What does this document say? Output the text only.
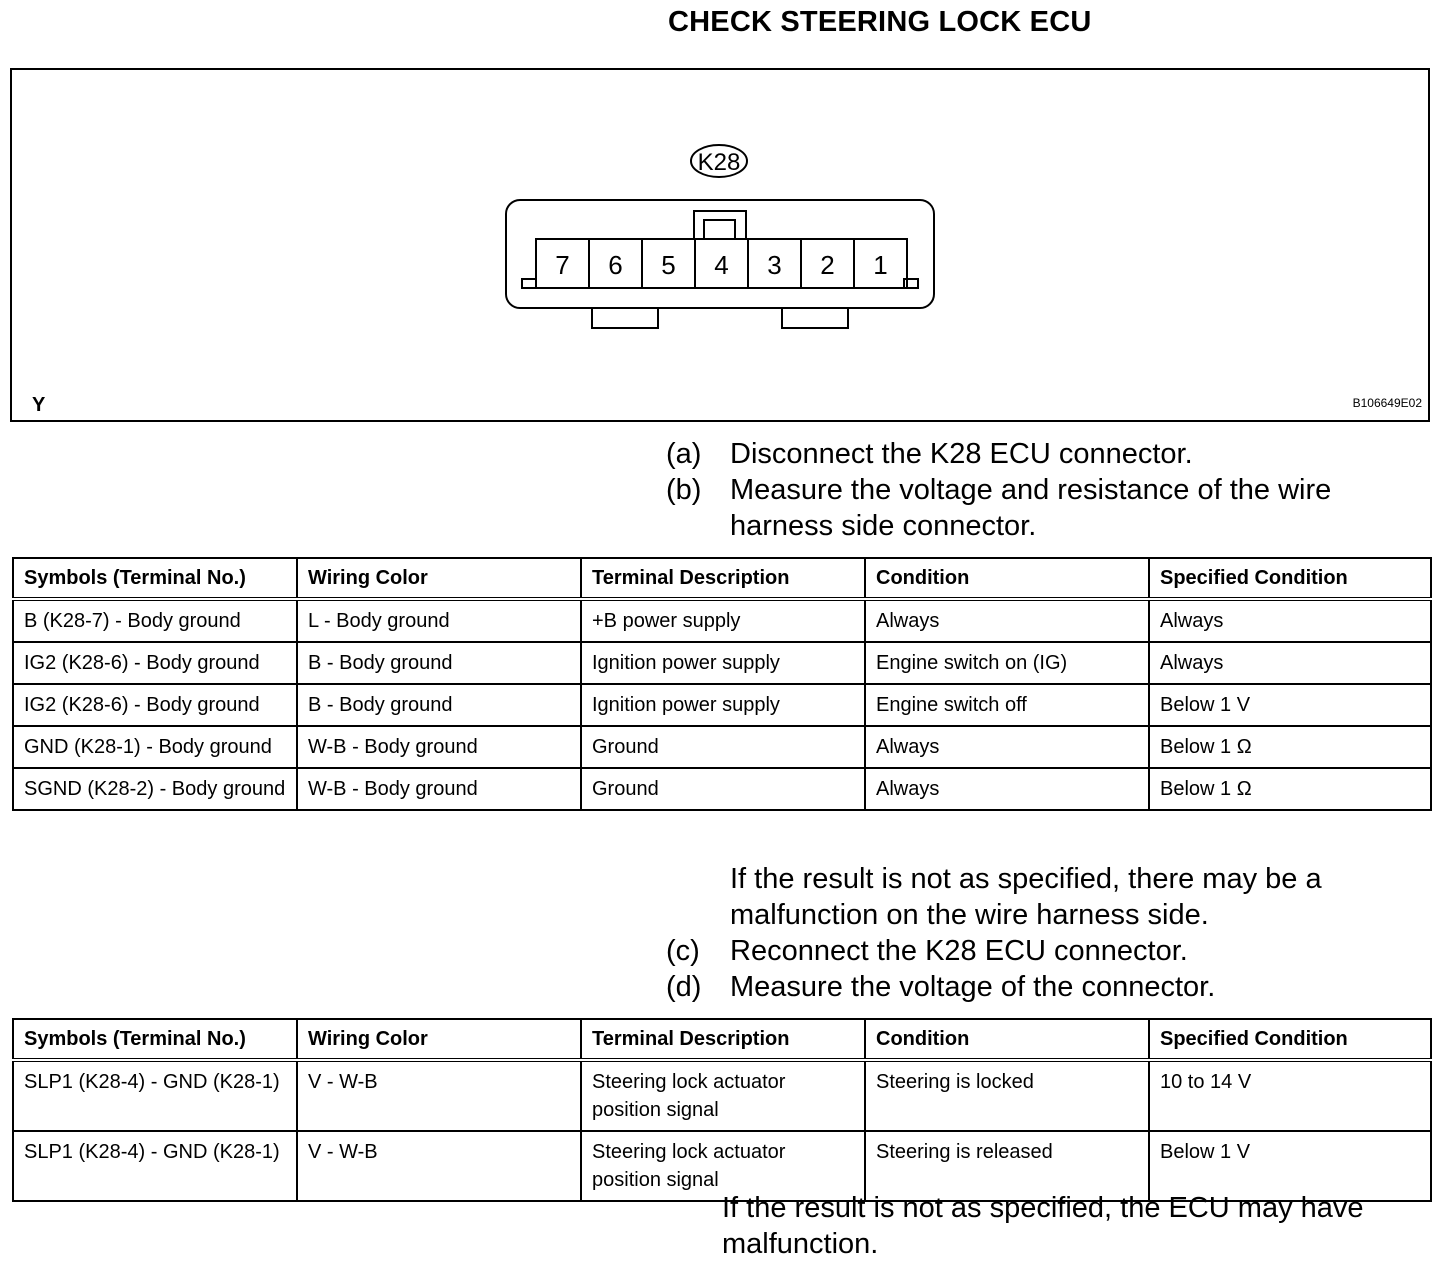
CHECK STEERING LOCK ECU
K28
7 6 5 4 3 2 1
Y	B106649E02
(a) Disconnect the K28 ECU connector.
(b) Measure the voltage and resistance of the wire harness side connector.
Symbols (Terminal No.)	Wiring Color	Terminal Description	Condition	Specified Condition
B (K28-7) - Body ground	L - Body ground	+B power supply	Always	Always
IG2 (K28-6) - Body ground	B - Body ground	Ignition power supply	Engine switch on (IG)	Always
IG2 (K28-6) - Body ground	B - Body ground	Ignition power supply	Engine switch off	Below 1 V
GND (K28-1) - Body ground	W-B - Body ground	Ground	Always	Below 1 Ω
SGND (K28-2) - Body ground	W-B - Body ground	Ground	Always	Below 1 Ω
If the result is not as specified, there may be a malfunction on the wire harness side.
(c)	Reconnect the K28 ECU connector.
(d) Measure the voltage of the connector.
Symbols (Terminal No.)	Wiring Color	Terminal Description	Condition	Specified Condition
SLP1 (K28-4) - GND (K28-1)	V - W-B	Steering lock actuator position signal	Steering is locked	10 to 14 V
SLP1 (K28-4) - GND (K28-1)	V - W-B	Steering lock actuator position signal	Steering is released	Below 1 V
If the result is not as specified, the ECU may have malfunction.
